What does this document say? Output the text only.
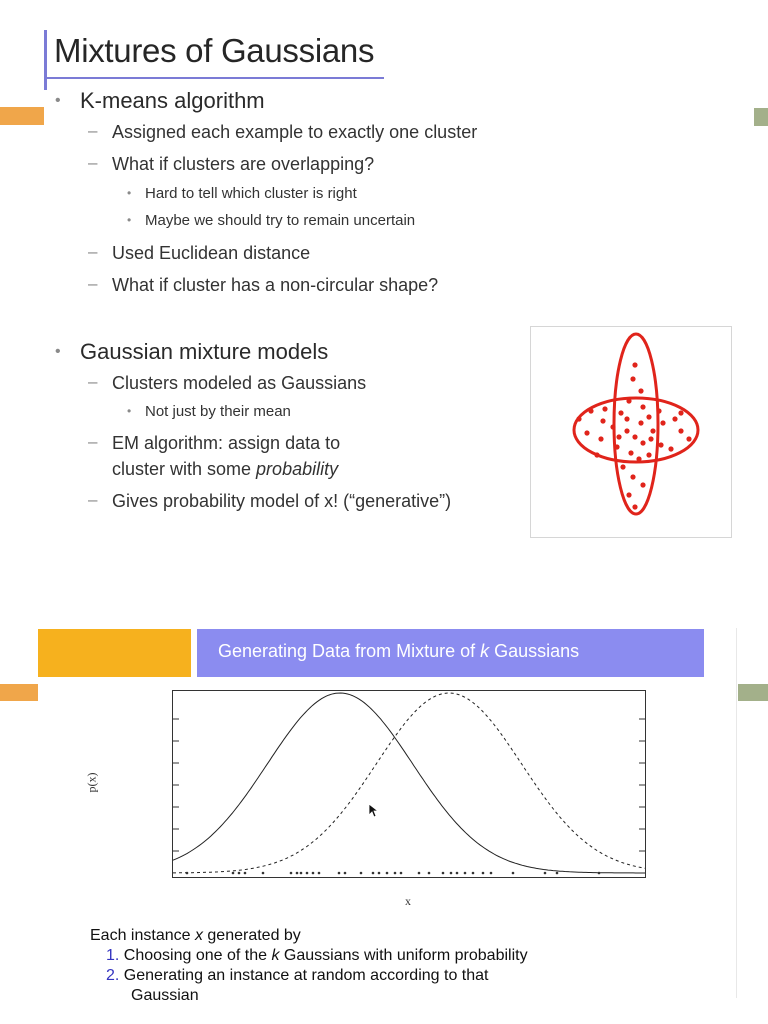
Mixtures of Gaussians
• K-means algorithm
– Assigned each example to exactly one cluster
– What if clusters are overlapping?
• Hard to tell which cluster is right
• Maybe we should try to remain uncertain
– Used Euclidean distance
– What if cluster has a non-circular shape?
• Gaussian mixture models
– Clusters modeled as Gaussians
• Not just by their mean
– EM algorithm: assign data to
cluster with some probability
– Gives probability model of x! (“generative”)
Generating Data from Mixture of k Gaussians
p(x)
x
Each instance x generated by
1. Choosing one of the k Gaussians with uniform probability
2. Generating an instance at random according to that
Gaussian
